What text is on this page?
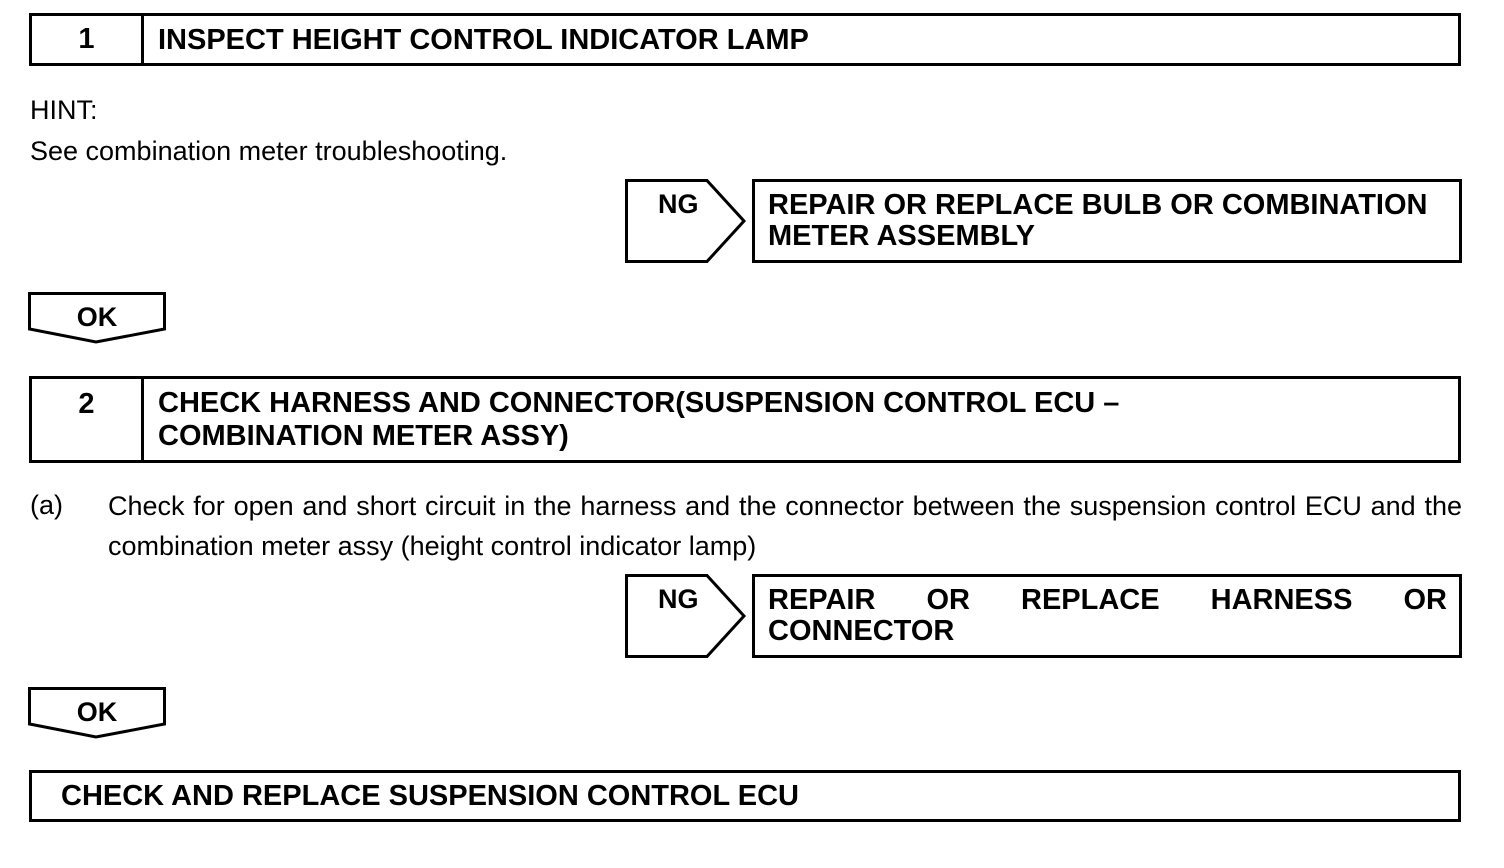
1	INSPECT HEIGHT CONTROL INDICATOR LAMP
HINT:
See combination meter troubleshooting.
NG REPAIR OR REPLACE BULB OR COMBINATION
METER ASSEMBLY
OK
2	CHECK HARNESS AND CONNECTOR(SUSPENSION CONTROL ECU –
COMBINATION METER ASSY)
(a) Check for open and short circuit in the harness and the connector between the suspension control ECU and the combination meter assy (height control indicator lamp)
NG REPAIR OR REPLACE HARNESS OR
CONNECTOR
OK
CHECK AND REPLACE SUSPENSION CONTROL ECU
